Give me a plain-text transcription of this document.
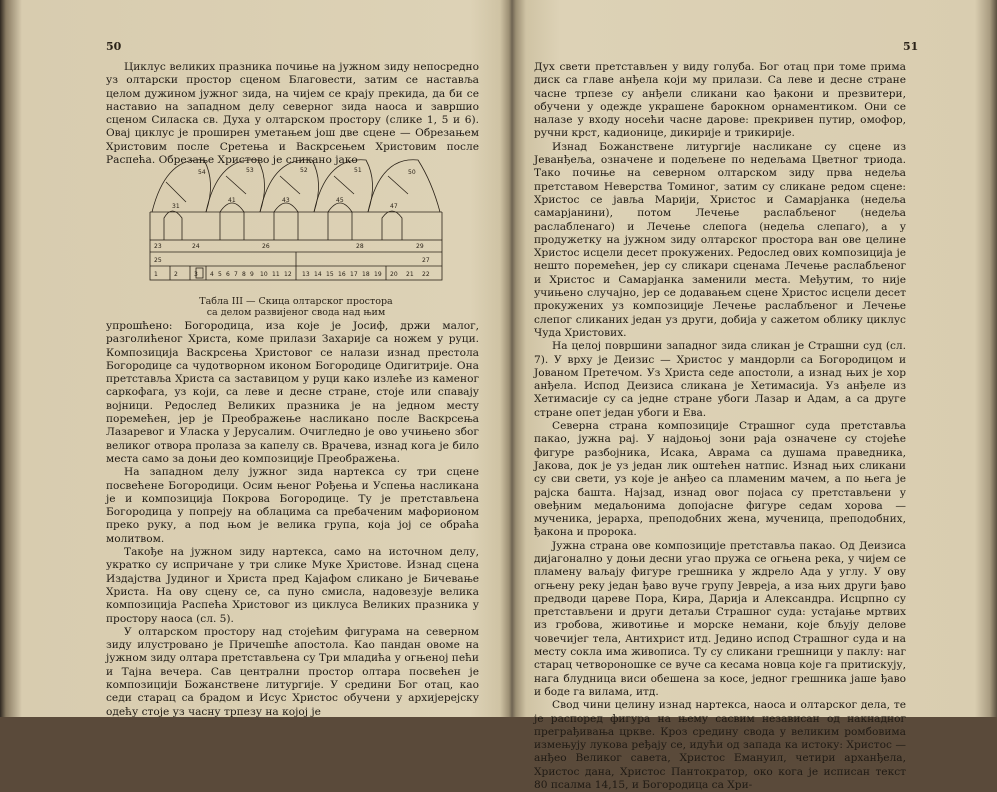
50

Циклус великих празника почиње на јужном зиду непосредно уз олтарски простор сценом Благовести, затим се наставља целом дужином јужног зида, на чијем се крају прекида, да би се наставио на западном делу северног зида наоса и завршио сценом Силаска св. Духа у олтарском простору (слике 1, 5 и 6). Овај циклус је проширен уметањем још две сцене — Обрезањем Христовим после Сретења и Васкрсењем Христовим после Распећа. Обрезање Христово је сликано јако

54	53	52	51	50
31
41	43	45
47
23	24	26	28	29
25	27
1	2	3 4 5 6 7 8 9 10 11 12 13 14 15 16 17 18 19 20 21 22
Табла III — Скица олтарског простора
са делом развијеног свода над њим

упрошћено: Богородица, иза које је Јосиф, држи малог, разголићеног Христа, коме прилази Захарије са ножем у руци. Композиција Васкрсења Христовог се налази изнад престола Богородице са чудотворном иконом Богородице Одигитрије. Она претставља Христа са заставицом у руци како излеће из каменог саркофага, уз који, са леве и десне стране, стоје или спавају војници. Редослед Великих празника је на једном месту поремећен, јер је Преображење насликано после Васкрсења Лазаревог и Уласка у Јерусалим. Очигледно је ово учињено због великог отвора пролаза за капелу св. Врачева, изнад кога је било места само за доњи део композиције Преображења.

На западном делу јужног зида нартекса су три сцене посвећене Богородици. Осим њеног Рођења и Успења насликана је и композиција Покрова Богородице. Ту је претстављена Богородица у попреју на облацима са пребаченим мафорионом преко руку, а под њом је велика група, која јој се обраћа молитвом.

Такође на јужном зиду нартекса, само на источном делу, укратко су испричане у три слике Муке Христове. Изнад сцена Издајства Јудиног и Христа пред Кајафом сликано је Бичевање Христа. На ову сцену се, са пуно смисла, надовезује велика композиција Распећа Христовог из циклуса Великих празника у простору наоса (сл. 5).

У олтарском простору над стојећим фигурама на северном зиду илустровано је Причешће апостола. Као пандан овоме на јужном зиду олтара претстављена су Три младића у огњеној пећи и Тајна вечера. Сав централни простор олтара посвећен је композицији Божанствене литургије. У средини Бог отац, као седи старац са брадом и Исус Христос обучени у архијерејску одећу стоје уз часну трпезу на којој је

51

Дух свети претстављен у виду голуба. Бог отац при томе прима диск са главе анђела који му прилази. Са леве и десне стране часне трпезе су анђели сликани као ђакони и презвитери, обучени у одежде украшене барокном орнаментиком. Они се налазе у входу носећи часне дарове: прекривен путир, омофор, ручни крст, кадионице, дикирије и трикирије.

Изнад Божанствене литургије насликане су сцене из Јеванђеља, означене и подељене по недељама Цветног триода. Тако почиње на северном олтарском зиду прва недеља претставом Неверства Томиног, затим су сликане редом сцене: Христос се јавља Марији, Христос и Самарјанка (недеља самарјанини), потом Лечење раслабљеног (недеља раслабленаго) и Лечење слепога (недеља слепаго), а у продужетку на јужном зиду олтарског простора ван ове целине Христос исцели десет прокужених. Редослед ових композиција је нешто поремећен, јер су сликари сценама Лечење раслабљеног и Христос и Самарјанка заменили места. Међутим, то није учињено случајно, јер се додавањем сцене Христос исцели десет прокужених уз композиције Лечење раслабљеног и Лечење слепог сликаних један уз други, добија у сажетом облику циклус Чуда Христових.

На целој површини западног зида сликан је Страшни суд (сл. 7). У врху је Деизис — Христос у мандорли са Богородицом и Јованом Претечом. Уз Христа седе апостоли, а изнад њих је хор анђела. Испод Деизиса сликана је Хетимасија. Уз анђеле из Хетимасије су са једне стране убоги Лазар и Адам, а са друге стране опет један убоги и Ева.

Северна страна композиције Страшног суда претставља пакао, јужна рај. У најдоњој зони раја означене су стојеће фигуре разбојника, Исака, Аврама са душама праведника, Јакова, док је уз један лик оштећен натпис. Изнад њих сликани су сви свети, уз које је анђео са пламеним мачем, а по њега је рајска башта. Најзад, изнад овог појаса су претстављени у овеђним медаљонима допојасне фигуре седам хорова — мученика, јерарха, преподобних жена, мученица, преподобних, ђакона и пророка.

Јужна страна ове композиције претставља пакао. Од Деизиса дијагонално у доњи десни угао пружа се огњена река, у чијем се пламену ваљају фигуре грешника у ждрело Ада у углу. У ову огњену реку један ђаво вуче групу Јевреја, а иза њих други ђаво предводи цареве Пора, Кира, Дарија и Александра. Исцрпно су претстављени и други детаљи Страшног суда: устајање мртвих из гробова, животиње и морске немани, које бљују делове човечијег тела, Антихрист итд. Једино испод Страшног суда и на месту сокла има живописа. Ту су сликани грешници у паклу: наг старац четвороношке се вуче са кесама новца које га притискују, нага блудница виси обешена за косе, једног грешника јаше ђаво и боде га вилама, итд.

Свод чини целину изнад нартекса, наоса и олтарског дела, те је распоред фигура на њему сасвим независан од накнадног преграђивања цркве. Кроз средину свода у великим ромбовима измењују лукова ређају се, идући од запада ка истоку: Христос — анђео Великог савета, Христос Емануил, четири арханђела, Христос дана, Христос Пантократор, око кога је исписан текст 80 псалма 14,15, и Богородица са Хри-
